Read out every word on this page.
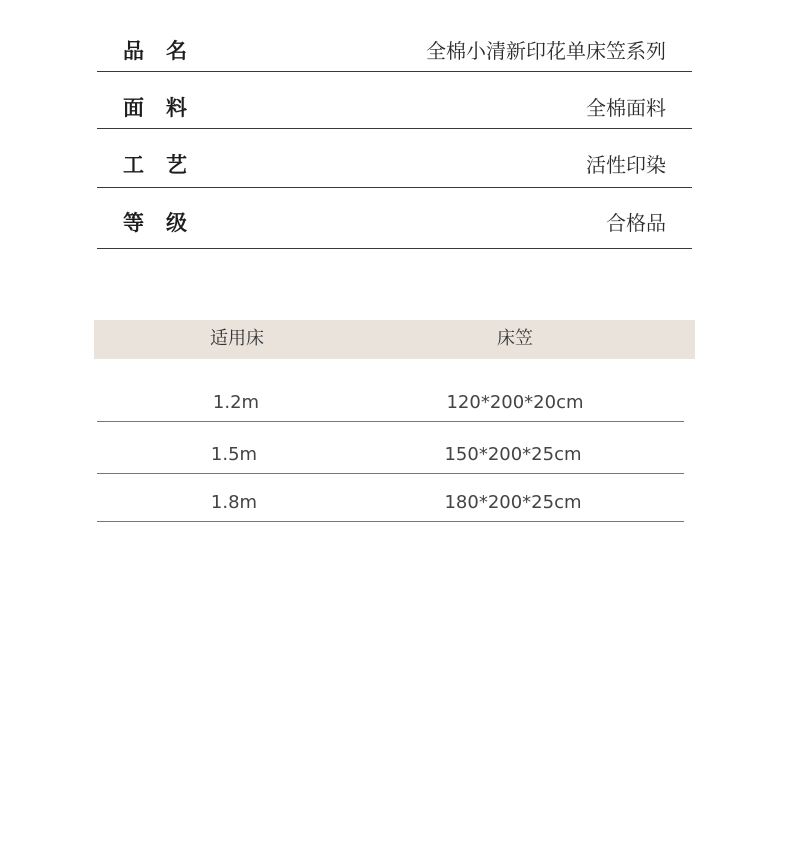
品名	全棉小清新印花单床笠系列
面料	全棉面料
工艺	活性印染
等级	合格品
适用床	床笠
1.2m	120*200*20cm
1.5m	150*200*25cm
1.8m	180*200*25cm
